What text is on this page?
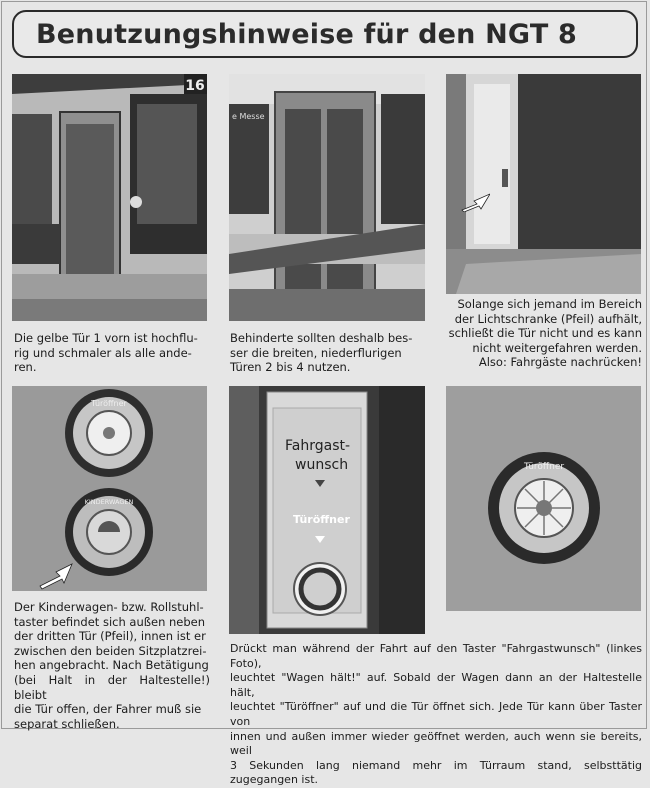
Benutzungshinweise für den NGT 8
16
e Messe
Türöffner
KINDERWAGEN
Fahrgast-
wunsch
Türöffner
Türöffner
Die gelbe Tür 1 vorn ist hochflu-
rig und schmaler als alle ande-
ren.
Behinderte sollten deshalb bes-
ser die breiten, niederflurigen
Türen 2 bis 4 nutzen.
Solange sich jemand im Bereich
der Lichtschranke (Pfeil) aufhält,
schließt die Tür nicht und es kann
nicht weitergefahren werden.
Also: Fahrgäste nachrücken!
Der Kinderwagen- bzw. Rollstuhl-
taster befindet sich außen neben
der dritten Tür (Pfeil), innen ist er
zwischen den beiden Sitzplatzrei-
hen angebracht. Nach Betätigung
(bei Halt in der Haltestelle!) bleibt
die Tür offen, der Fahrer muß sie
separat schließen.
Drückt man während der Fahrt auf den Taster "Fahrgastwunsch" (linkes Foto),
leuchtet "Wagen hält!" auf. Sobald der Wagen dann an der Haltestelle hält,
leuchtet "Türöffner" auf und die Tür öffnet sich. Jede Tür kann über Taster von
innen und außen immer wieder geöffnet werden, auch wenn sie bereits, weil
3 Sekunden lang niemand mehr im Türraum stand, selbsttätig zugegangen ist.
